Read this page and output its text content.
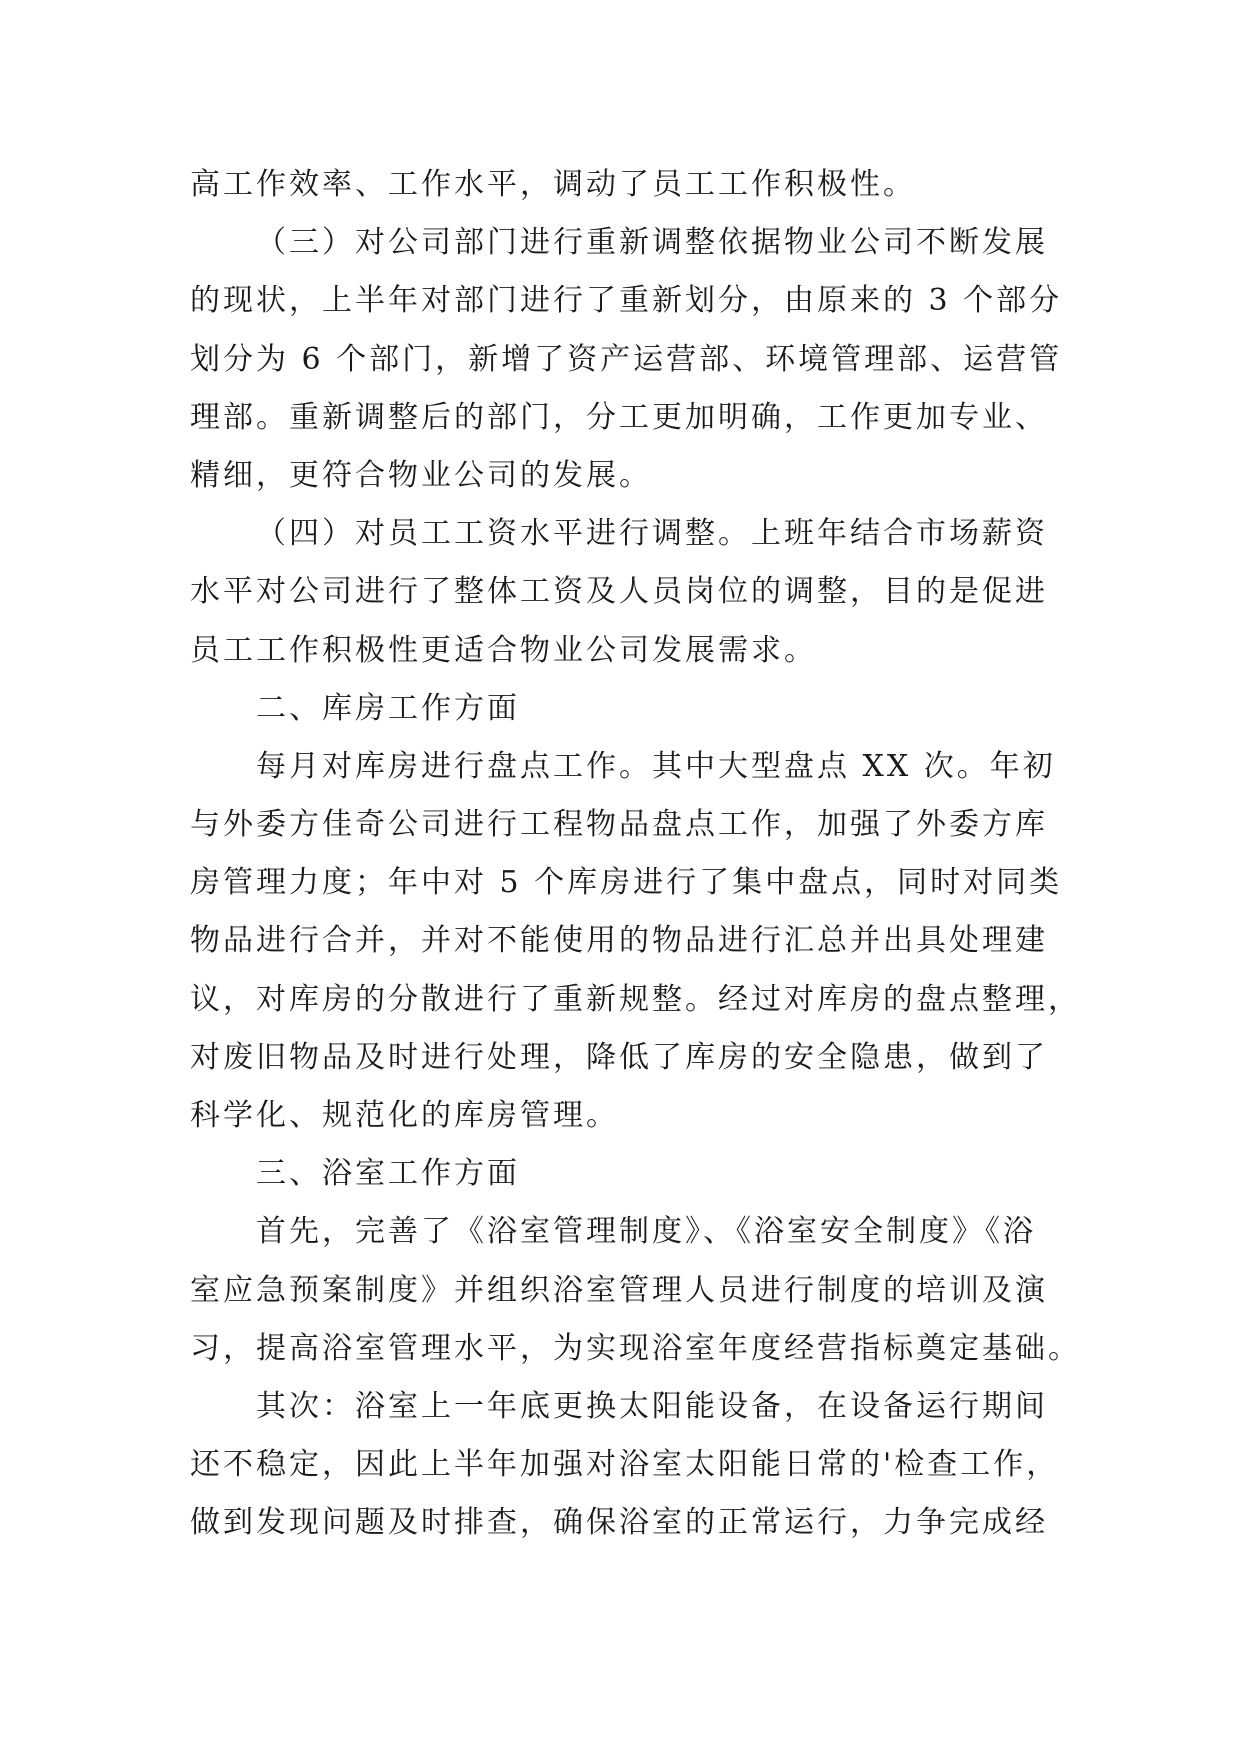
高工作效率、工作水平，调动了员工工作积极性。
（三）对公司部门进行重新调整依据物业公司不断发展
的现状，上半年对部门进行了重新划分，由原来的 3 个部分
划分为 6 个部门，新增了资产运营部、环境管理部、运营管
理部。重新调整后的部门，分工更加明确，工作更加专业、
精细，更符合物业公司的发展。
（四）对员工工资水平进行调整。上班年结合市场薪资
水平对公司进行了整体工资及人员岗位的调整，目的是促进
员工工作积极性更适合物业公司发展需求。
二、库房工作方面
每月对库房进行盘点工作。其中大型盘点 XX 次。年初
与外委方佳奇公司进行工程物品盘点工作，加强了外委方库
房管理力度；年中对 5 个库房进行了集中盘点，同时对同类
物品进行合并，并对不能使用的物品进行汇总并出具处理建
议，对库房的分散进行了重新规整。经过对库房的盘点整理，
对废旧物品及时进行处理，降低了库房的安全隐患，做到了
科学化、规范化的库房管理。
三、浴室工作方面
首先，完善了《浴室管理制度》、《浴室安全制度》《浴
室应急预案制度》并组织浴室管理人员进行制度的培训及演
习，提高浴室管理水平，为实现浴室年度经营指标奠定基础。
其次：浴室上一年底更换太阳能设备，在设备运行期间
还不稳定，因此上半年加强对浴室太阳能日常的'检查工作，
做到发现问题及时排查，确保浴室的正常运行，力争完成经
